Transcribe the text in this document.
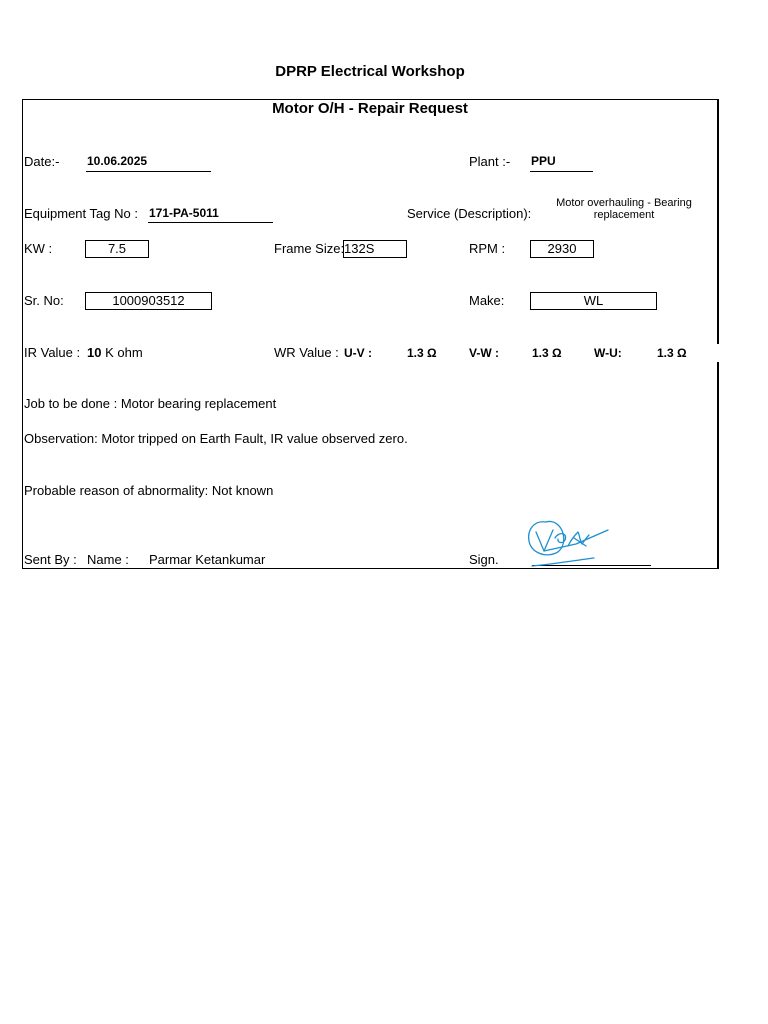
DPRP Electrical Workshop
Motor O/H - Repair Request
Date:- 10.06.2025	Plant :- PPU
Equipment Tag No : 171-PA-5011	Service (Description):
Motor overhauling - Bearing
replacement
KW :	7.5	Frame Size: 132S	RPM :	2930
Sr. No:	1000903512	Make:	WL
IR Value : 10 K ohm	WR Value : U-V :	1.3 Ω	V-W :	1.3 Ω	W-U:	1.3 Ω
Job to be done : Motor bearing replacement
Observation: Motor tripped on Earth Fault, IR value observed zero.
Probable reason of abnormality: Not known
Sent By : Name : Parmar Ketankumar	Sign.
